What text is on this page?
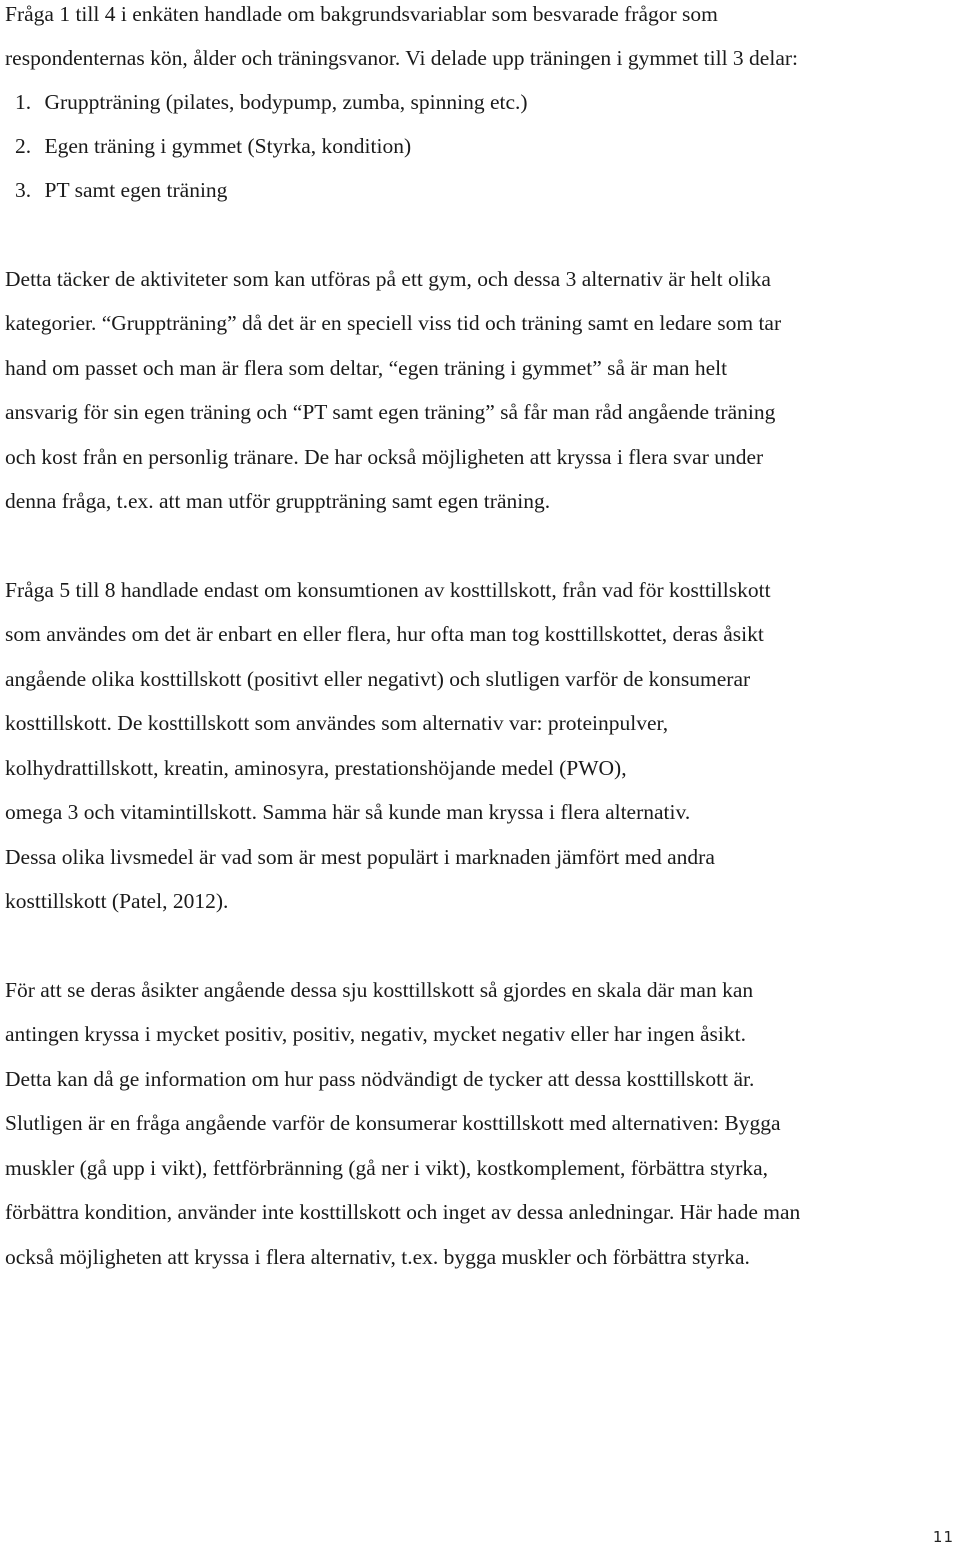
Fråga 1 till 4 i enkäten handlade om bakgrundsvariablar som besvarade frågor som
respondenternas kön, ålder och träningsvanor. Vi delade upp träningen i gymmet till 3 delar:
1. Gruppträning (pilates, bodypump, zumba, spinning etc.)
2. Egen träning i gymmet (Styrka, kondition)
3. PT samt egen träning
Detta täcker de aktiviteter som kan utföras på ett gym, och dessa 3 alternativ är helt olika
kategorier. “Gruppträning” då det är en speciell viss tid och träning samt en ledare som tar
hand om passet och man är flera som deltar, “egen träning i gymmet” så är man helt
ansvarig för sin egen träning och “PT samt egen träning” så får man råd angående träning
och kost från en personlig tränare. De har också möjligheten att kryssa i flera svar under
denna fråga, t.ex. att man utför gruppträning samt egen träning.
Fråga 5 till 8 handlade endast om konsumtionen av kosttillskott, från vad för kosttillskott
som användes om det är enbart en eller flera, hur ofta man tog kosttillskottet, deras åsikt
angående olika kosttillskott (positivt eller negativt) och slutligen varför de konsumerar
kosttillskott. De kosttillskott som användes som alternativ var: proteinpulver,
kolhydrattillskott, kreatin, aminosyra, prestationshöjande medel (PWO),
omega 3 och vitamintillskott. Samma här så kunde man kryssa i flera alternativ.
Dessa olika livsmedel är vad som är mest populärt i marknaden jämfört med andra
kosttillskott (Patel, 2012).
För att se deras åsikter angående dessa sju kosttillskott så gjordes en skala där man kan
antingen kryssa i mycket positiv, positiv, negativ, mycket negativ eller har ingen åsikt.
Detta kan då ge information om hur pass nödvändigt de tycker att dessa kosttillskott är.
Slutligen är en fråga angående varför de konsumerar kosttillskott med alternativen: Bygga
muskler (gå upp i vikt), fettförbränning (gå ner i vikt), kostkomplement, förbättra styrka,
förbättra kondition, använder inte kosttillskott och inget av dessa anledningar. Här hade man
också möjligheten att kryssa i flera alternativ, t.ex. bygga muskler och förbättra styrka.
11
